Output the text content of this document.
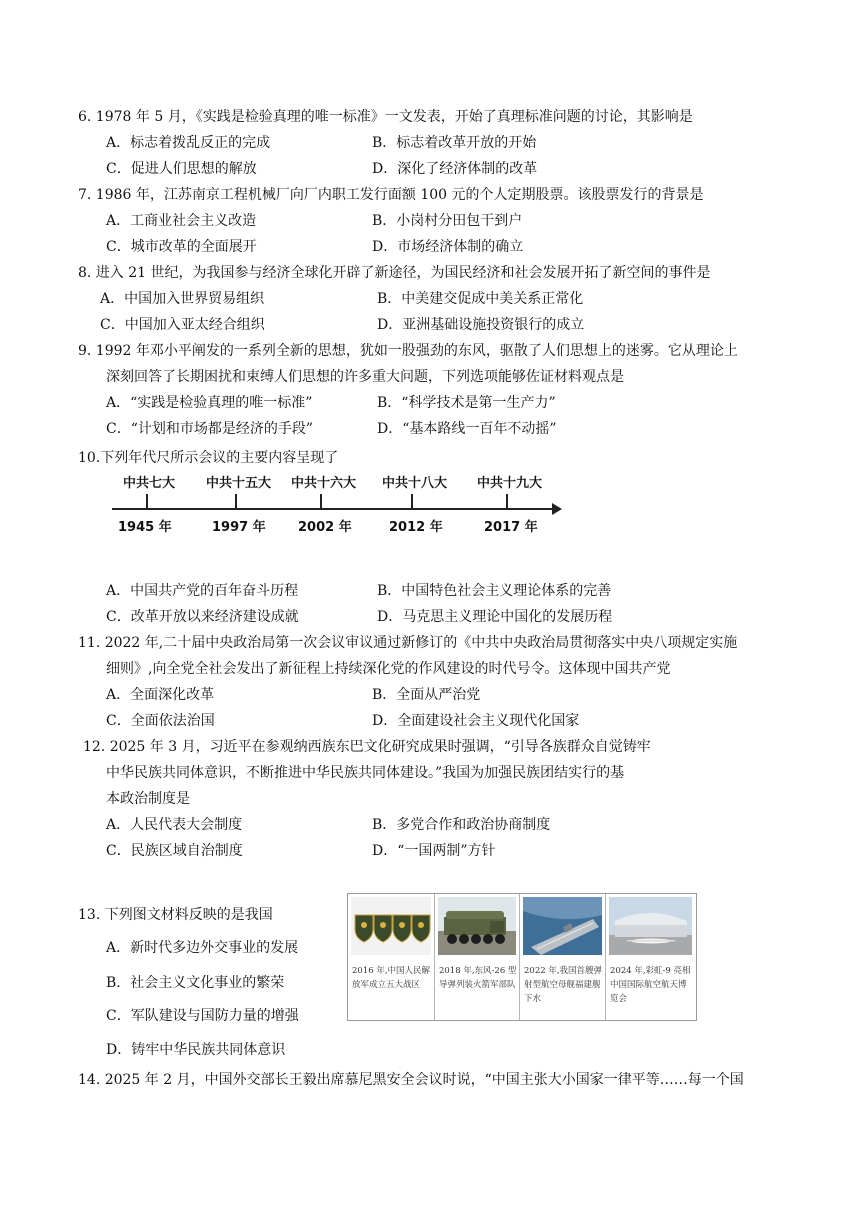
6. 1978 年 5 月，《实践是检验真理的唯一标准》一文发表，开始了真理标准问题的讨论，其影响是
A．标志着拨乱反正的完成	B．标志着改革开放的开始
C．促进人们思想的解放	D．深化了经济体制的改革
7. 1986 年，江苏南京工程机械厂向厂内职工发行面额 100 元的个人定期股票。该股票发行的背景是
A．工商业社会主义改造	B．小岗村分田包干到户
C．城市改革的全面展开	D．市场经济体制的确立
8. 进入 21 世纪，为我国参与经济全球化开辟了新途径，为国民经济和社会发展开拓了新空间的事件是
A．中国加入世界贸易组织	B．中美建交促成中美关系正常化
C．中国加入亚太经合组织	D．亚洲基础设施投资银行的成立
9. 1992 年邓小平阐发的一系列全新的思想，犹如一股强劲的东风，驱散了人们思想上的迷雾。它从理论上
深刻回答了长期困扰和束缚人们思想的许多重大问题，下列选项能够佐证材料观点是
A．“实践是检验真理的唯一标准”	B．“科学技术是第一生产力”
C．“计划和市场都是经济的手段”	D．“基本路线一百年不动摇”
10.下列年代尺所示会议的主要内容呈现了
中共七大 中共十五大 中共十六大 中共十八大 中共十九大
1945 年	1997 年 2002 年	2012 年	2017 年
A．中国共产党的百年奋斗历程	B．中国特色社会主义理论体系的完善
C．改革开放以来经济建设成就	D．马克思主义理论中国化的发展历程
11. 2022 年,二十届中央政治局第一次会议审议通过新修订的《中共中央政治局贯彻落实中央八项规定实施
细则》,向全党全社会发出了新征程上持续深化党的作风建设的时代号令。这体现中国共产党
A．全面深化改革	B．全面从严治党
C．全面依法治国	D．全面建设社会主义现代化国家
12. 2025 年 3 月，习近平在参观纳西族东巴文化研究成果时强调，“引导各族群众自觉铸牢
中华民族共同体意识，不断推进中华民族共同体建设。”我国为加强民族团结实行的基
本政治制度是
A．人民代表大会制度	B．多党合作和政治协商制度
C．民族区域自治制度	D．“一国两制”方针
13. 下列图文材料反映的是我国
A．新时代多边外交事业的发展
B．社会主义文化事业的繁荣
C．军队建设与国防力量的增强
D．铸牢中华民族共同体意识
2016 年,中国人民解放军成立五大战区
2018 年,东风-26 型导弹列装火箭军部队
2022 年,我国首艘弹射型航空母舰福建舰下水
2024 年,彩虹-9 亮相中国国际航空航天博览会
14. 2025 年 2 月，中国外交部长王毅出席慕尼黑安全会议时说，“中国主张大小国家一律平等……每一个国
